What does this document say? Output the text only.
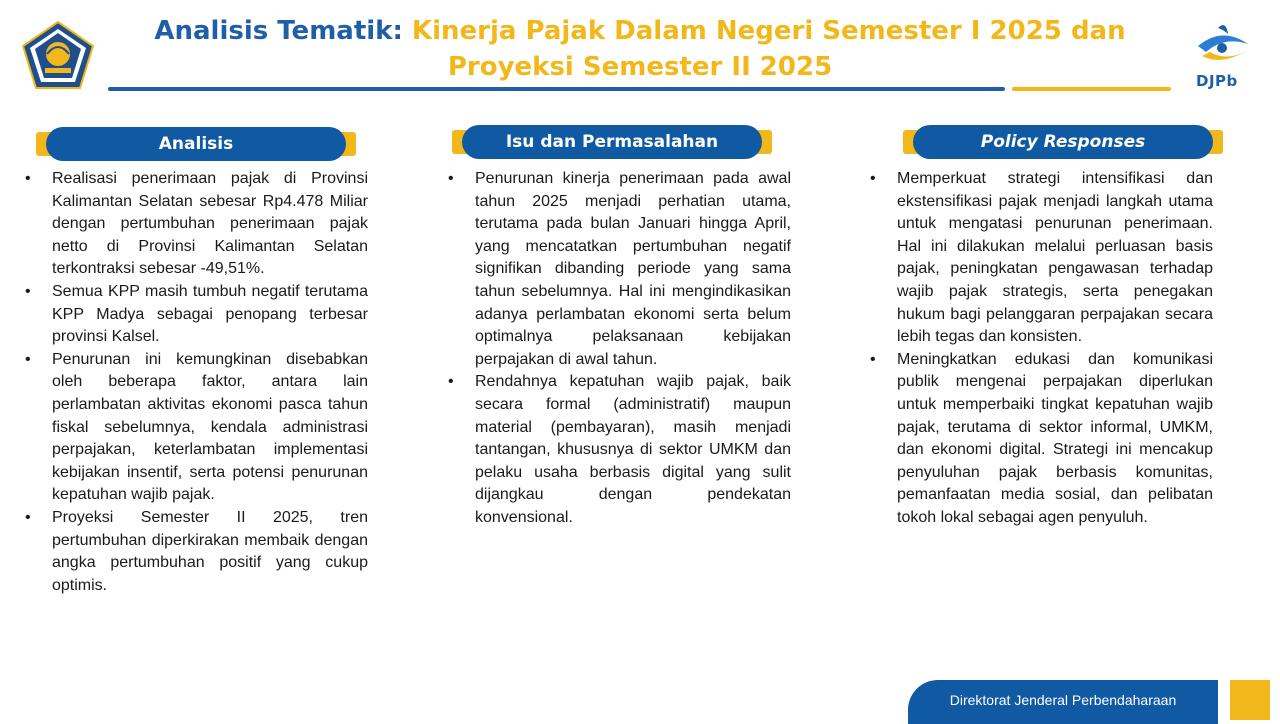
Analisis Tematik: Kinerja Pajak Dalam Negeri Semester I 2025 dan Proyeksi Semester II 2025	DJPb
Analisis	Isu dan Permasalahan	Policy Responses
• Realisasi penerimaan pajak di Provinsi Kalimantan Selatan sebesar Rp4.478 Miliar dengan pertumbuhan penerimaan pajak netto di Provinsi Kalimantan Selatan terkontraksi sebesar -49,51%.
• Semua KPP masih tumbuh negatif terutama KPP Madya sebagai penopang terbesar provinsi Kalsel.
• Penurunan ini kemungkinan disebabkan oleh beberapa faktor, antara lain perlambatan aktivitas ekonomi pasca tahun fiskal sebelumnya, kendala administrasi perpajakan, keterlambatan implementasi kebijakan insentif, serta potensi penurunan kepatuhan wajib pajak.
• Proyeksi Semester II 2025, tren pertumbuhan diperkirakan membaik dengan angka pertumbuhan positif yang cukup optimis.
• Penurunan kinerja penerimaan pada awal tahun 2025 menjadi perhatian utama, terutama pada bulan Januari hingga April, yang mencatatkan pertumbuhan negatif signifikan dibanding periode yang sama tahun sebelumnya. Hal ini mengindikasikan adanya perlambatan ekonomi serta belum optimalnya pelaksanaan kebijakan perpajakan di awal tahun.
• Rendahnya kepatuhan wajib pajak, baik secara formal (administratif) maupun material (pembayaran), masih menjadi tantangan, khususnya di sektor UMKM dan pelaku usaha berbasis digital yang sulit dijangkau dengan pendekatan konvensional.
• Memperkuat strategi intensifikasi dan ekstensifikasi pajak menjadi langkah utama untuk mengatasi penurunan penerimaan. Hal ini dilakukan melalui perluasan basis pajak, peningkatan pengawasan terhadap wajib pajak strategis, serta penegakan hukum bagi pelanggaran perpajakan secara lebih tegas dan konsisten.
• Meningkatkan edukasi dan komunikasi publik mengenai perpajakan diperlukan untuk memperbaiki tingkat kepatuhan wajib pajak, terutama di sektor informal, UMKM, dan ekonomi digital. Strategi ini mencakup penyuluhan pajak berbasis komunitas, pemanfaatan media sosial, dan pelibatan tokoh lokal sebagai agen penyuluh.
Direktorat Jenderal Perbendaharaan
